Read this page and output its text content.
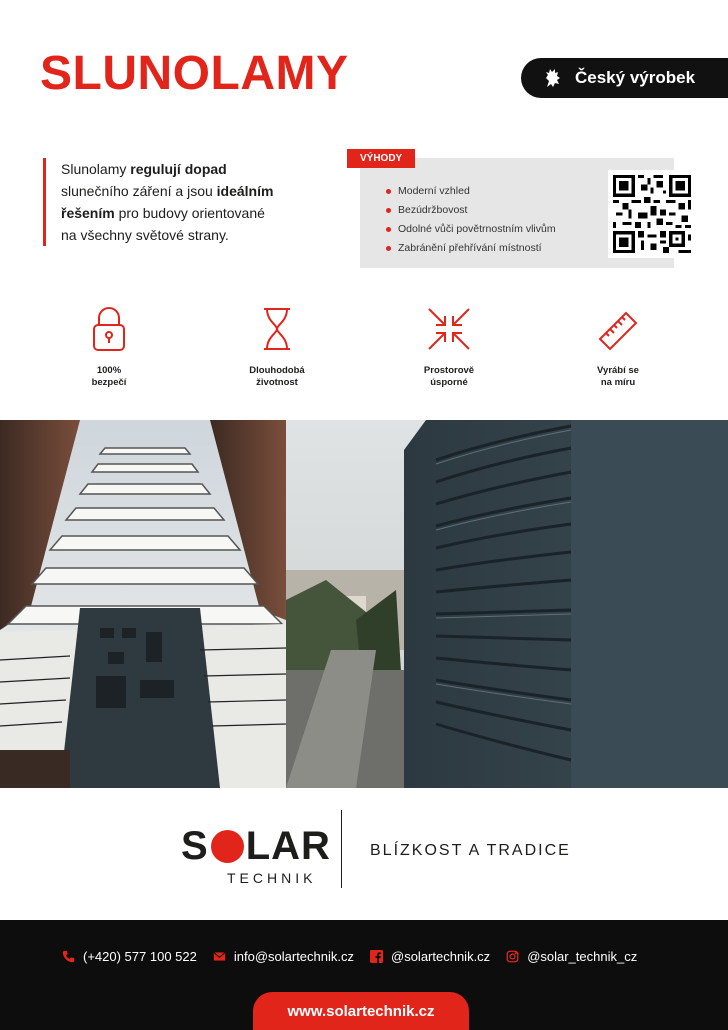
SLUNOLAMY	Český výrobek
Slunolamy regulují dopad slunečního záření a jsou ideálním řešením pro budovy orientované na všechny světové strany.
Moderní vzhled
Bezúdržbovost
Odolné vůči povětrnostním vlivům
Zabránění přehřívání místností
VÝHODY
100%
bezpečí
Dlouhodobá
životnost
Prostorově
úsporné
Vyrábí se
na míru
S LAR
TECHNIK
BLÍZKOST A TRADICE
(+420) 577 100 522	info@solartechnik.cz	@solartechnik.cz	@solar_technik_cz
www.solartechnik.cz
